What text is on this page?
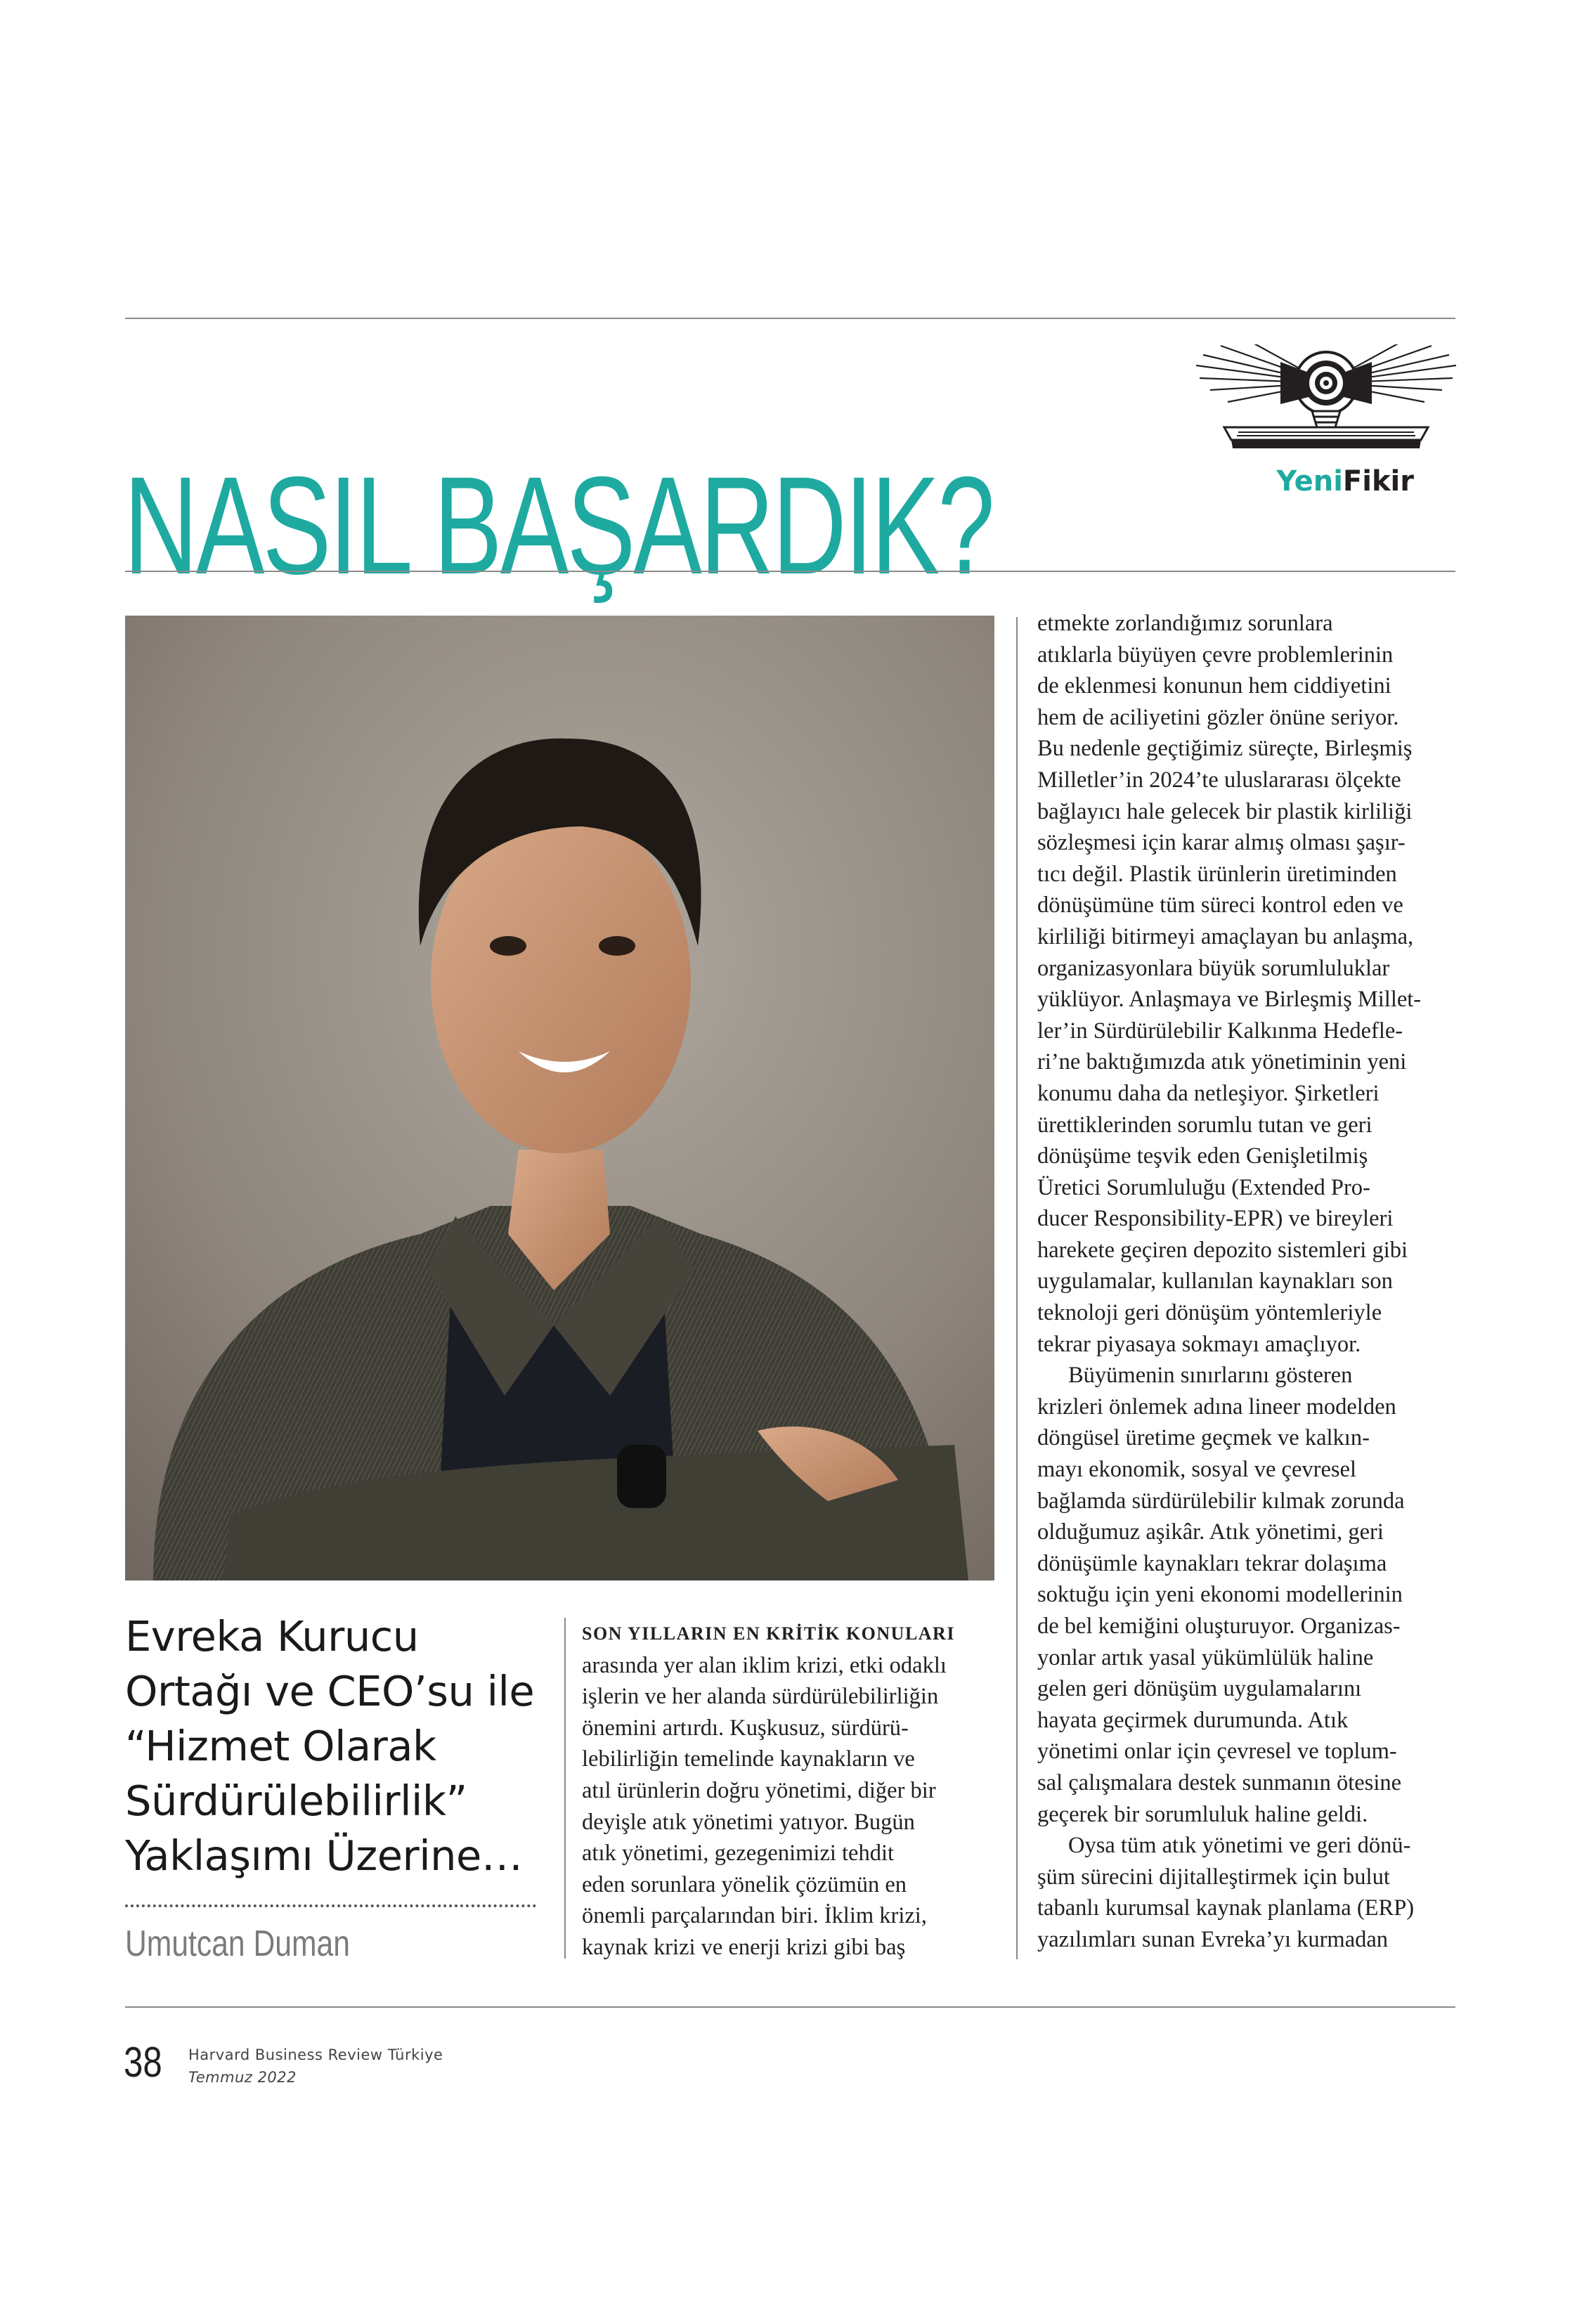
NASIL BAŞARDIK?	YeniFikir
Evreka Kurucu
Ortağı ve CEO’su ile
“Hizmet Olarak
Sürdürülebilirlik”
Yaklaşımı Üzerine…
Umutcan Duman
SON YILLARIN EN KRİTİK KONULARI
arasında yer alan iklim krizi, etki odaklı
işlerin ve her alanda sürdürülebilirliğin
önemini artırdı. Kuşkusuz, sürdürü-
lebilirliğin temelinde kaynakların ve
atıl ürünlerin doğru yönetimi, diğer bir
deyişle atık yönetimi yatıyor. Bugün
atık yönetimi, gezegenimizi tehdit
eden sorunlara yönelik çözümün en
önemli parçalarından biri. İklim krizi,
kaynak krizi ve enerji krizi gibi baş
etmekte zorlandığımız sorunlara
atıklarla büyüyen çevre problemlerinin
de eklenmesi konunun hem ciddiyetini
hem de aciliyetini gözler önüne seriyor.
Bu nedenle geçtiğimiz süreçte, Birleşmiş
Milletler’in 2024’te uluslararası ölçekte
bağlayıcı hale gelecek bir plastik kirliliği
sözleşmesi için karar almış olması şaşır-
tıcı değil. Plastik ürünlerin üretiminden
dönüşümüne tüm süreci kontrol eden ve
kirliliği bitirmeyi amaçlayan bu anlaşma,
organizasyonlara büyük sorumluluklar
yüklüyor. Anlaşmaya ve Birleşmiş Millet-
ler’in Sürdürülebilir Kalkınma Hedefle-
ri’ne baktığımızda atık yönetiminin yeni
konumu daha da netleşiyor. Şirketleri
ürettiklerinden sorumlu tutan ve geri
dönüşüme teşvik eden Genişletilmiş
Üretici Sorumluluğu (Extended Pro-
ducer Responsibility-EPR) ve bireyleri
harekete geçiren depozito sistemleri gibi
uygulamalar, kullanılan kaynakları son
teknoloji geri dönüşüm yöntemleriyle
tekrar piyasaya sokmayı amaçlıyor.
Büyümenin sınırlarını gösteren
krizleri önlemek adına lineer modelden
döngüsel üretime geçmek ve kalkın-
mayı ekonomik, sosyal ve çevresel
bağlamda sürdürülebilir kılmak zorunda
olduğumuz aşikâr. Atık yönetimi, geri
dönüşümle kaynakları tekrar dolaşıma
soktuğu için yeni ekonomi modellerinin
de bel kemiğini oluşturuyor. Organizas-
yonlar artık yasal yükümlülük haline
gelen geri dönüşüm uygulamalarını
hayata geçirmek durumunda. Atık
yönetimi onlar için çevresel ve toplum-
sal çalışmalara destek sunmanın ötesine
geçerek bir sorumluluk haline geldi.
Oysa tüm atık yönetimi ve geri dönü-
şüm sürecini dijitalleştirmek için bulut
tabanlı kurumsal kaynak planlama (ERP)
yazılımları sunan Evreka’yı kurmadan
38 Harvard Business Review Türkiye
Temmuz 2022
